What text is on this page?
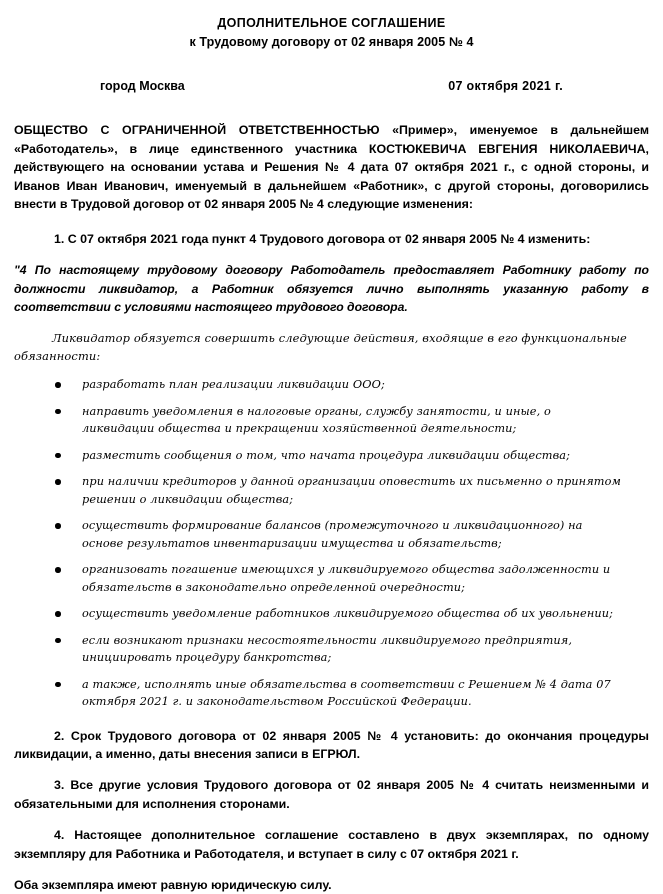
ДОПОЛНИТЕЛЬНОЕ СОГЛАШЕНИЕ
к Трудовому договору от 02 января 2005 № 4
город Москва	07 октября 2021 г.

ОБЩЕСТВО С ОГРАНИЧЕННОЙ ОТВЕТСТВЕННОСТЬЮ «Пример», именуемое в дальнейшем «Работодатель», в лице единственного участника КОСТЮКЕВИЧА ЕВГЕНИЯ НИКОЛАЕВИЧА, действующего на основании устава и Решения № 4 дата 07 октября 2021 г., с одной стороны, и Иванов Иван Иванович, именуемый в дальнейшем «Работник», с другой стороны, договорились внести в Трудовой договор от 02 января 2005 № 4 следующие изменения:

1. С 07 октября 2021 года пункт 4 Трудового договора от 02 января 2005 № 4 изменить:

"4 По настоящему трудовому договору Работодатель предоставляет Работнику работу по должности ликвидатор, а Работник обязуется лично выполнять указанную работу в соответствии с условиями настоящего трудового договора.

Ликвидатор обязуется совершить следующие действия, входящие в его функциональные обязанности:

разработать план реализации ликвидации ООО;
направить уведомления в налоговые органы, службу занятости, и иные, о ликвидации общества и прекращении хозяйственной деятельности;
разместить сообщения о том, что начата процедура ликвидации общества;
при наличии кредиторов у данной организации оповестить их письменно о принятом решении о ликвидации общества;
осуществить формирование балансов (промежуточного и ликвидационного) на основе результатов инвентаризации имущества и обязательств;
организовать погашение имеющихся у ликвидируемого общества задолженности и обязательств в законодательно определенной очередности;
осуществить уведомление работников ликвидируемого общества об их увольнении;
если возникают признаки несостоятельности ликвидируемого предприятия, инициировать процедуру банкротства;
а также, исполнять иные обязательства в соответствии с Решением № 4 дата 07 октября 2021 г. и законодательством Российской Федерации.

2. Срок Трудового договора от 02 января 2005 № 4 установить: до окончания процедуры ликвидации, а именно, даты внесения записи в ЕГРЮЛ.

3. Все другие условия Трудового договора от 02 января 2005 № 4 считать неизменными и обязательными для исполнения сторонами.

4. Настоящее дополнительное соглашение составлено в двух экземплярах, по одному экземпляру для Работника и Работодателя, и вступает в силу с 07 октября 2021 г.

Оба экземпляра имеют равную юридическую силу.
